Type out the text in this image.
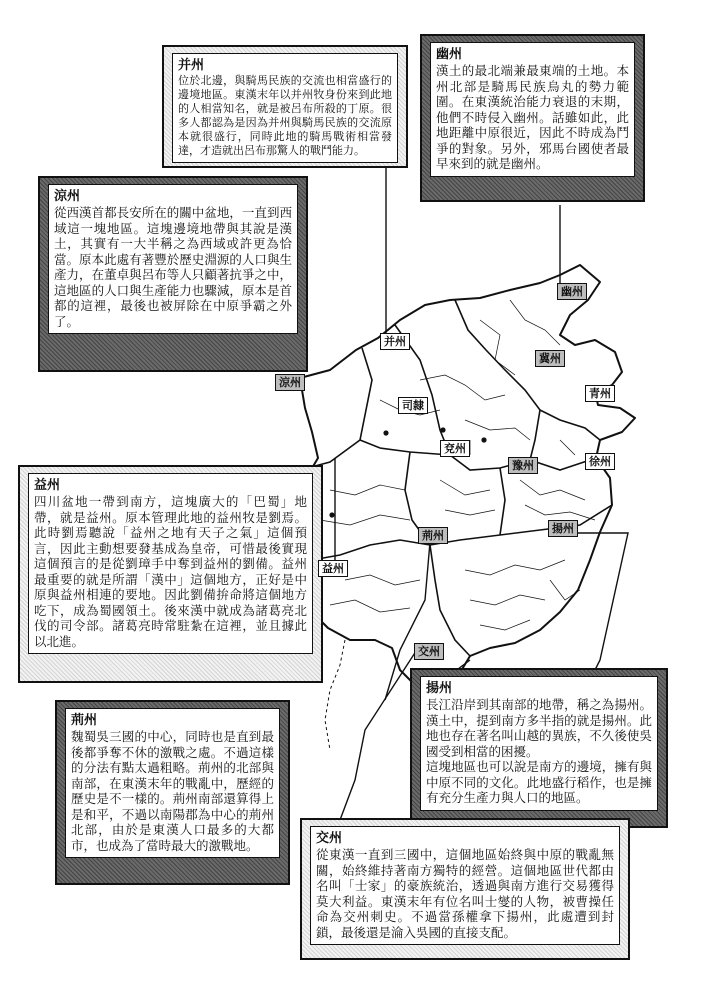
并州

位於北邊，與騎馬民族的交流也相當盛行的邊境地區。東漢末年以并州牧身份來到此地的人相當知名，就是被呂布所殺的丁原。很多人都認為是因為并州與騎馬民族的交流原本就很盛行，同時此地的騎馬戰術相當發達，才造就出呂布那驚人的戰鬥能力。

幽州

漢土的最北端兼最東端的土地。本州北部是騎馬民族烏丸的勢力範圍。在東漢統治能力衰退的末期，他們不時侵入幽州。話雖如此，此地距離中原很近，因此不時成為鬥爭的對象。另外，邪馬台國使者最早來到的就是幽州。

涼州

從西漢首都長安所在的關中盆地，一直到西域這一塊地區。這塊邊境地帶與其說是漢土，其實有一大半稱之為西域或許更為恰當。原本此處有著豐於歷史淵源的人口與生產力，在董卓與呂布等人只顧著抗爭之中，這地區的人口與生產能力也驟減，原本是首都的這裡，最後也被屏除在中原爭霸之外了。

益州

四川盆地一帶到南方，這塊廣大的「巴蜀」地帶，就是益州。原本管理此地的益州牧是劉焉。此時劉焉聽說「益州之地有天子之氣」這個預言，因此主動想要發基成為皇帝，可惜最後實現這個預言的是從劉璋手中奪到益州的劉備。益州最重要的就是所謂「漢中」這個地方，正好是中原與益州相連的要地。因此劉備拚命將這個地方吃下，成為蜀國領土。後來漢中就成為諸葛亮北伐的司令部。諸葛亮時常駐紮在這裡，並且據此以北進。

荊州

魏蜀吳三國的中心，同時也是直到最後都爭奪不休的激戰之處。不過這樣的分法有點太過粗略。荊州的北部與南部，在東漢末年的戰亂中，歷經的歷史是不一樣的。荊州南部還算得上是和平，不過以南陽郡為中心的荊州北部，由於是東漢人口最多的大都市，也成為了當時最大的激戰地。

揚州

長江沿岸到其南部的地帶，稱之為揚州。漢土中，提到南方多半指的就是揚州。此地也存在著名叫山越的異族，不久後使吳國受到相當的困擾。

這塊地區也可以說是南方的邊境，擁有與中原不同的文化。此地盛行稻作，也是擁有充分生產力與人口的地區。

交州

從東漢一直到三國中，這個地區始終與中原的戰亂無關，始終維持著南方獨特的經營。這個地區世代都由名叫「士家」的豪族統治，透過與南方進行交易獲得莫大利益。東漢末年有位名叫士燮的人物，被曹操任命為交州刺史。不過當孫權拿下揚州，此處遭到封鎖，最後還是淪入吳國的直接支配。

幽州
并州
冀州
青州
涼州
司隸
兗州
豫州	徐州
荊州
揚州
益州
交州
